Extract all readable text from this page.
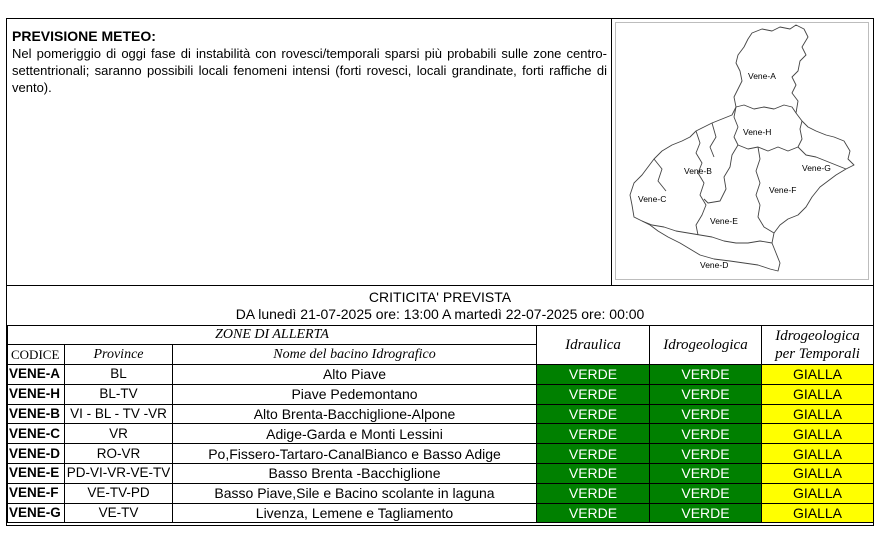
PREVISIONE METEO:

Nel pomeriggio di oggi fase di instabilità con rovesci/temporali sparsi più probabili sulle zone centro-settentrionali; saranno possibili locali fenomeni intensi (forti rovesci, locali grandinate, forti raffiche di vento).

Vene-A
Vene-H
Vene-B	Vene-G
Vene-C
Vene-F
Vene-E
Vene-D
CRITICITA' PREVISTA
DA lunedì 21-07-2025 ore: 13:00 A martedì 22-07-2025 ore: 00:00
ZONE DI ALLERTA			Idraulica	Idrogeologica	Idrogeologica
per Temporali
CODICE	Province	Nome del bacino Idrografico			
VENE-A	BL	Alto Piave	VERDE	VERDE	GIALLA
VENE-H	BL-TV	Piave Pedemontano	VERDE	VERDE	GIALLA
VENE-B	VI - BL - TV -VR	Alto Brenta-Bacchiglione-Alpone	VERDE	VERDE	GIALLA
VENE-C	VR	Adige-Garda e Monti Lessini	VERDE	VERDE	GIALLA
VENE-D	RO-VR	Po,Fissero-Tartaro-CanalBianco e Basso Adige	VERDE	VERDE	GIALLA
VENE-E	PD-VI-VR-VE-TV	Basso Brenta -Bacchiglione	VERDE	VERDE	GIALLA
VENE-F	VE-TV-PD	Basso Piave,Sile e Bacino scolante in laguna	VERDE	VERDE	GIALLA
VENE-G	VE-TV	Livenza, Lemene e Tagliamento	VERDE	VERDE	GIALLA
